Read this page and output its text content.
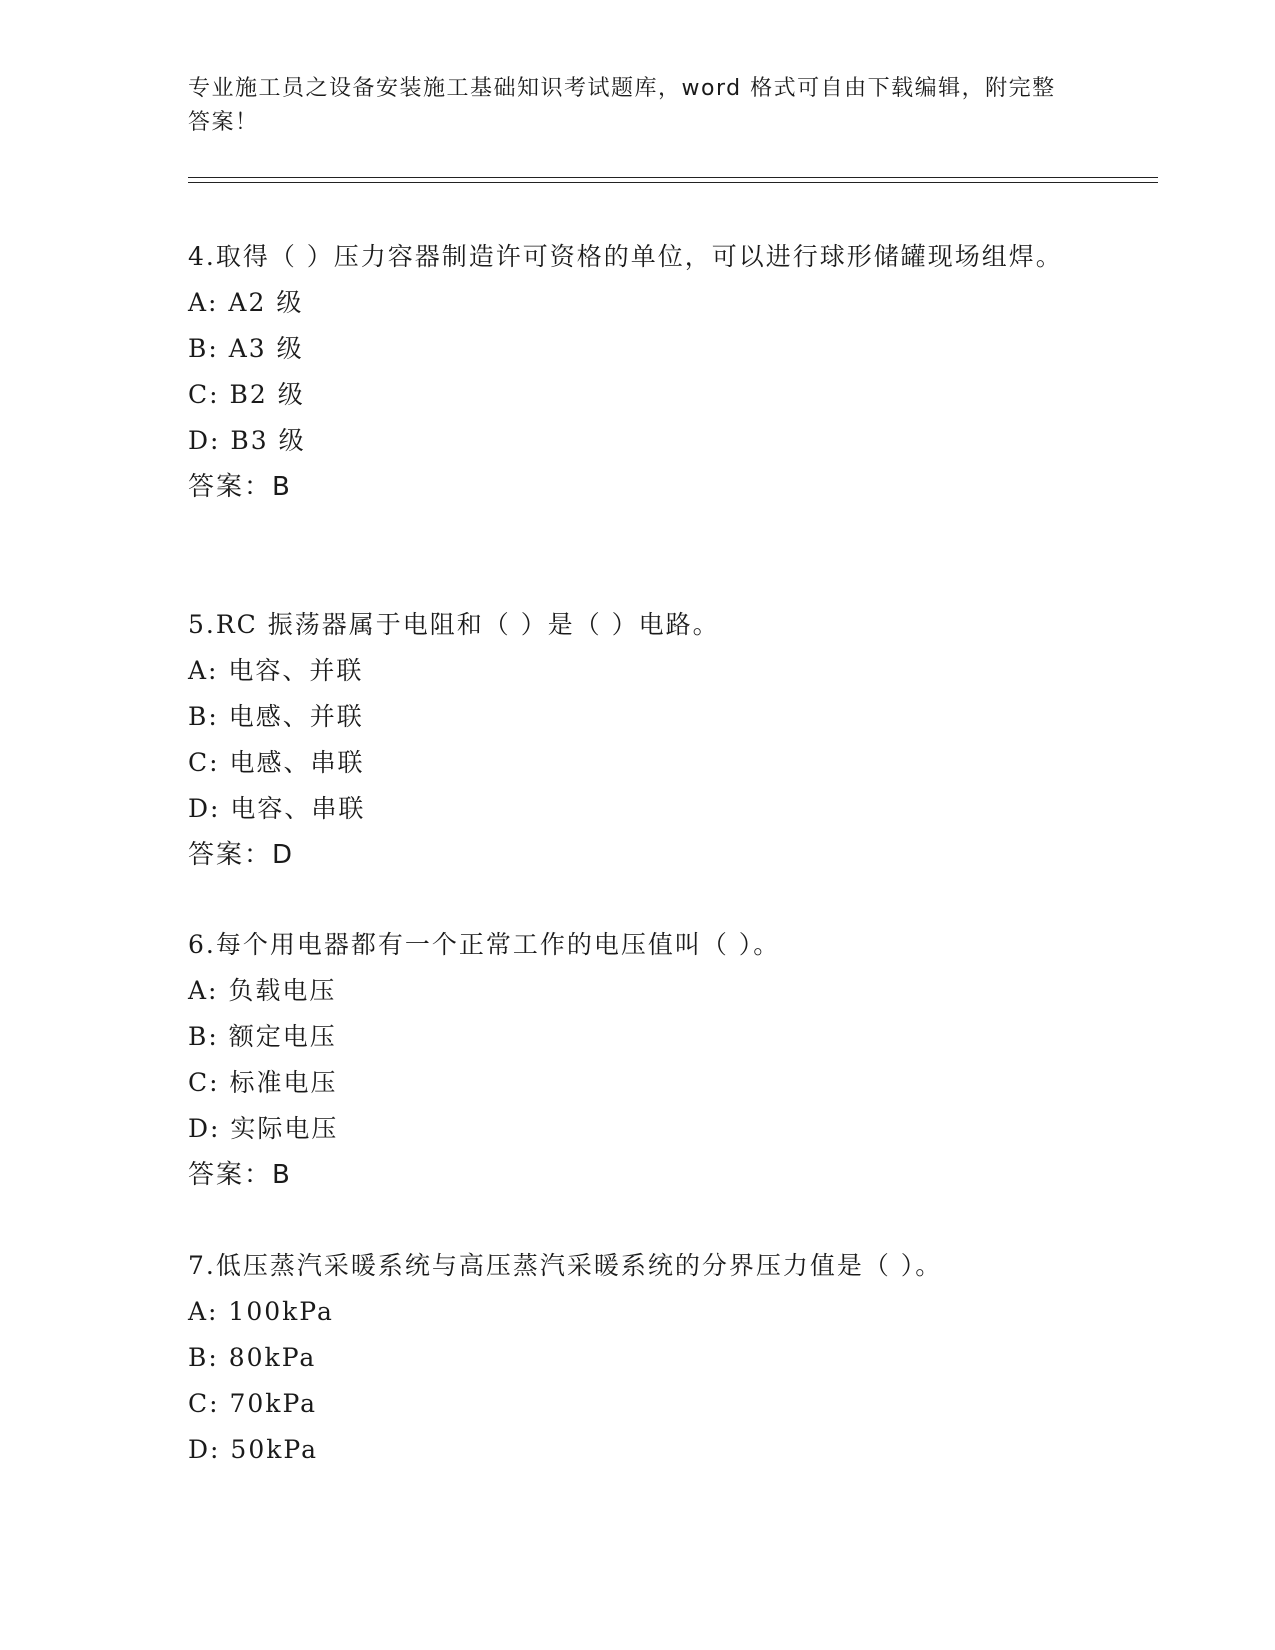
专业施工员之设备安装施工基础知识考试题库，word 格式可自由下载编辑，附完整答案！
4.取得（ ）压力容器制造许可资格的单位，可以进行球形储罐现场组焊。
A: A2 级
B: A3 级
C: B2 级
D: B3 级
答案：B
5.RC 振荡器属于电阻和（ ）是（ ）电路。
A: 电容、并联
B: 电感、并联
C: 电感、串联
D: 电容、串联
答案：D
6.每个用电器都有一个正常工作的电压值叫（ ）。
A: 负载电压
B: 额定电压
C: 标准电压
D: 实际电压
答案：B
7.低压蒸汽采暖系统与高压蒸汽采暖系统的分界压力值是（ ）。
A: 100kPa
B: 80kPa
C: 70kPa
D: 50kPa
